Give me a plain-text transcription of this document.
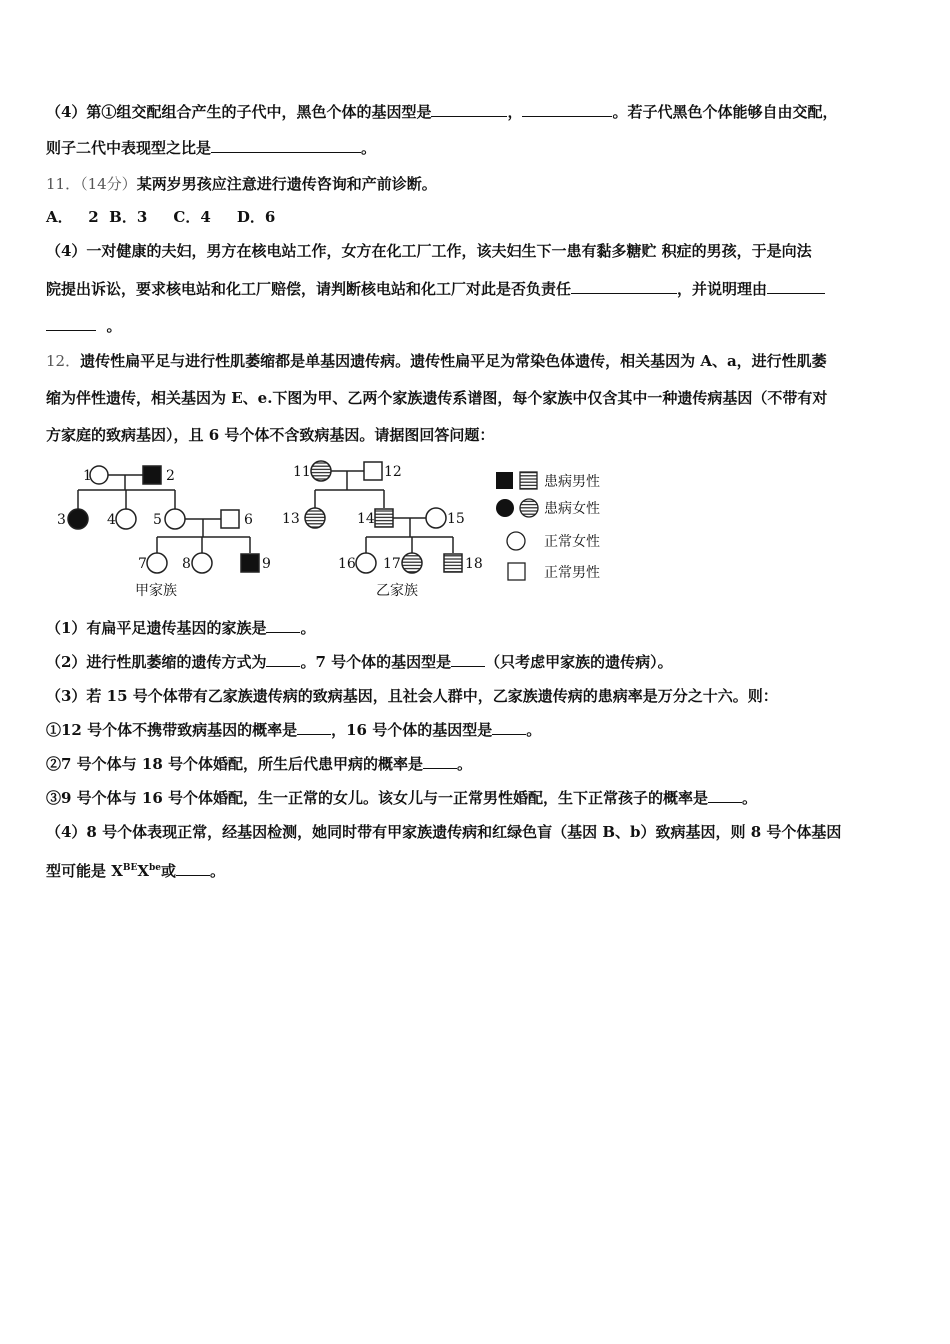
（4）第①组交配组合产生的子代中，黑色个体的基因型是	，	。若子代黑色个体能够自由交配，
则子二代中表现型之比是	。
11．（14分）某两岁男孩应注意进行遗传咨询和产前诊断。
A．   2  B．3     C．4     D．6
（4）一对健康的夫妇，男方在核电站工作，女方在化工厂工作，该夫妇生下一患有黏多糖贮 积症的男孩，于是向法
院提出诉讼，要求核电站和化工厂赔偿，请判断核电站和化工厂对此是否负责任	，并说明理由
。
12．遗传性扁平足与进行性肌萎缩都是单基因遗传病。遗传性扁平足为常染色体遗传，相关基因为 A、a，进行性肌萎
缩为伴性遗传，相关基因为 E、e.下图为甲、乙两个家族遗传系谱图，每个家族中仅含其中一种遗传病基因（不带有对
方家庭的致病基因），且 6 号个体不含致病基因。请据图回答问题：
1	2
3	4	5	6
7	8	9
甲家族
11	12
13	14	15
16 17	18
乙家族
患病男性
患病女性
正常女性
正常男性
（1）有扁平足遗传基因的家族是 。
（2）进行性肌萎缩的遗传方式为 。7 号个体的基因型是 （只考虑甲家族的遗传病）。
（3）若 15 号个体带有乙家族遗传病的致病基因，且社会人群中，乙家族遗传病的患病率是万分之十六。则：
①12 号个体不携带致病基因的概率是 ，16 号个体的基因型是 。
②7 号个体与 18 号个体婚配，所生后代患甲病的概率是 。
③9 号个体与 16 号个体婚配，生一正常的女儿。该女儿与一正常男性婚配，生下正常孩子的概率是 。
（4）8 号个体表现正常，经基因检测，她同时带有甲家族遗传病和红绿色盲（基因 B、b）致病基因，则 8 号个体基因
型可能是 $X^{BE}X^{be}$或 。
